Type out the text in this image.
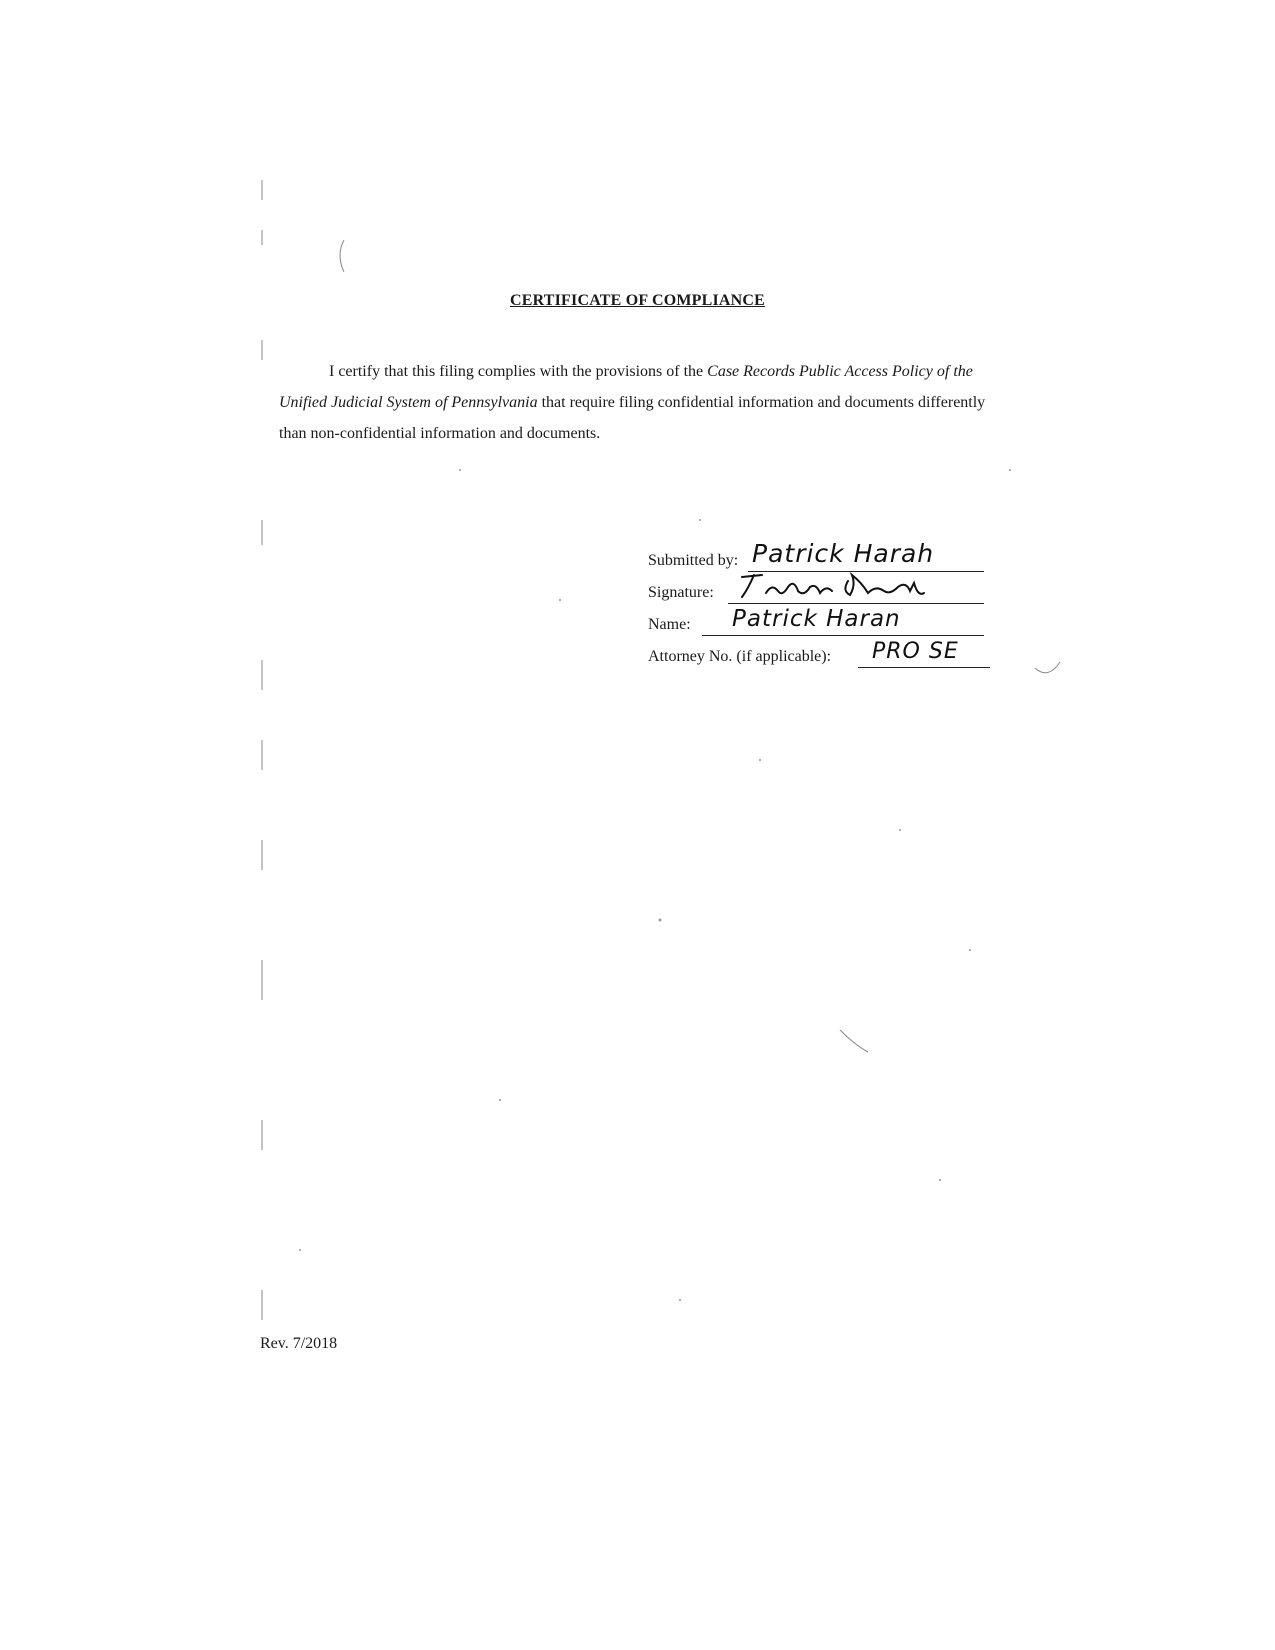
CERTIFICATE OF COMPLIANCE
I certify that this filing complies with the provisions of the Case Records Public Access Policy of the Unified Judicial System of Pennsylvania that require filing confidential information and documents differently than non-confidential information and documents.
Submitted by: Patrick Harah
Signature:
Name: Patrick Haran
Attorney No. (if applicable): PRO SE
Rev. 7/2018
